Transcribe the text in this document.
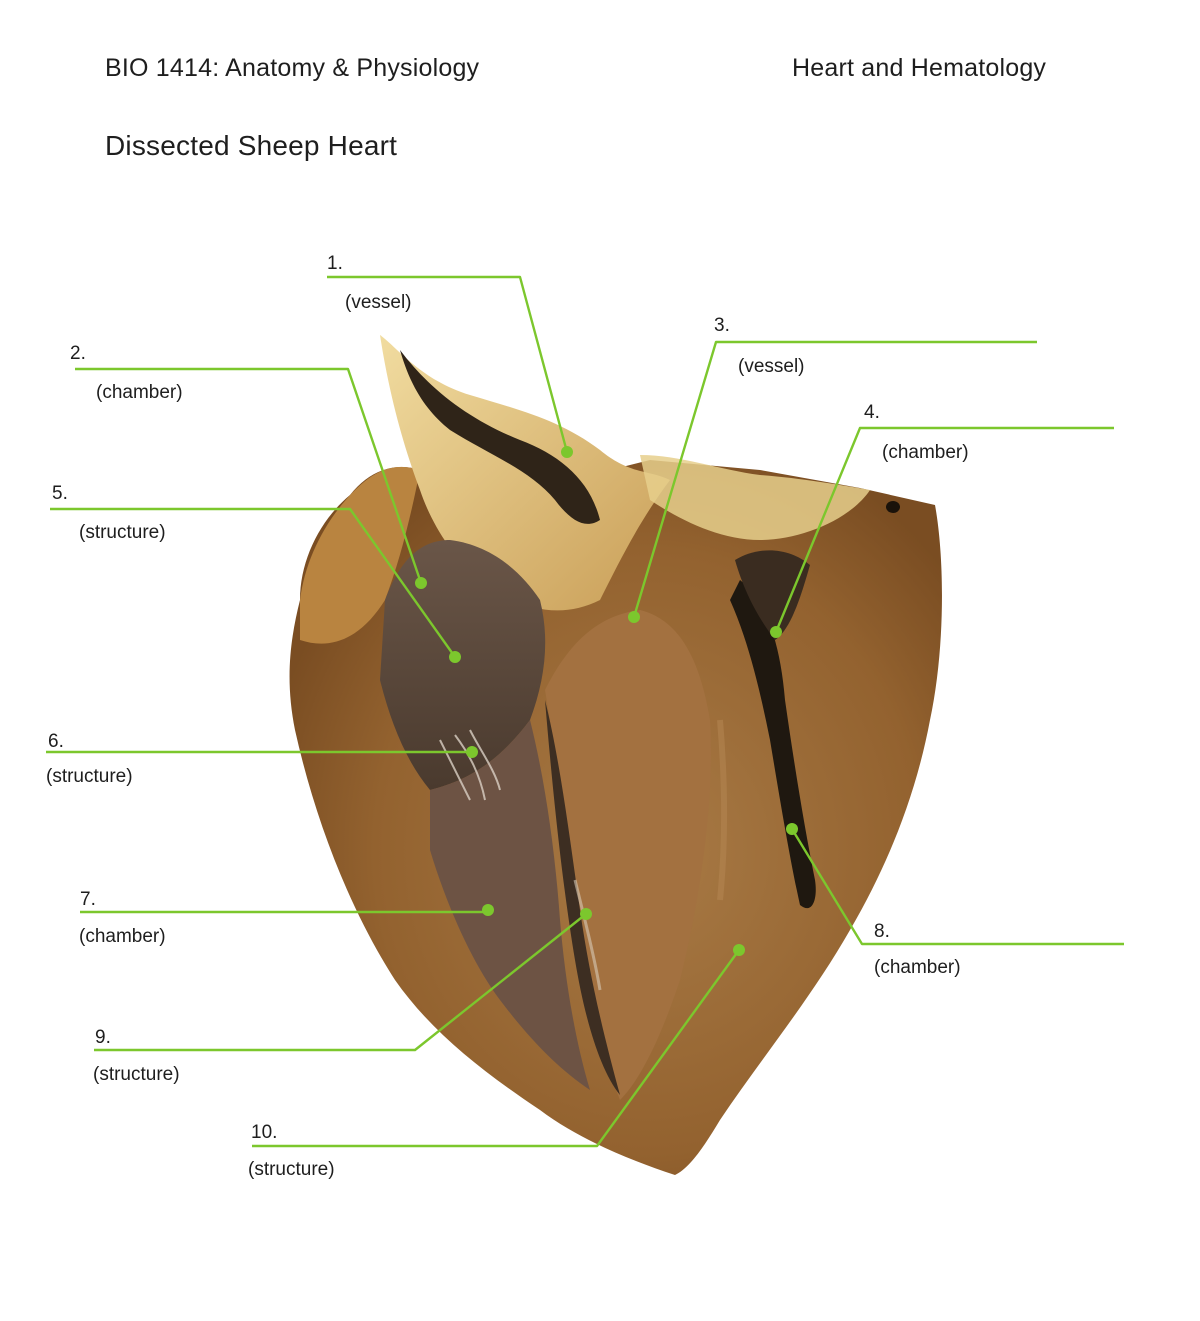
BIO 1414: Anatomy & Physiology	Heart and Hematology
Dissected Sheep Heart
1.
(vessel)
2.
(chamber)
3.
(vessel)
4.
(chamber)
5.
(structure)
6.
(structure)
7.
(chamber)	8.
(chamber)
9.
(structure)
10.
(structure)
